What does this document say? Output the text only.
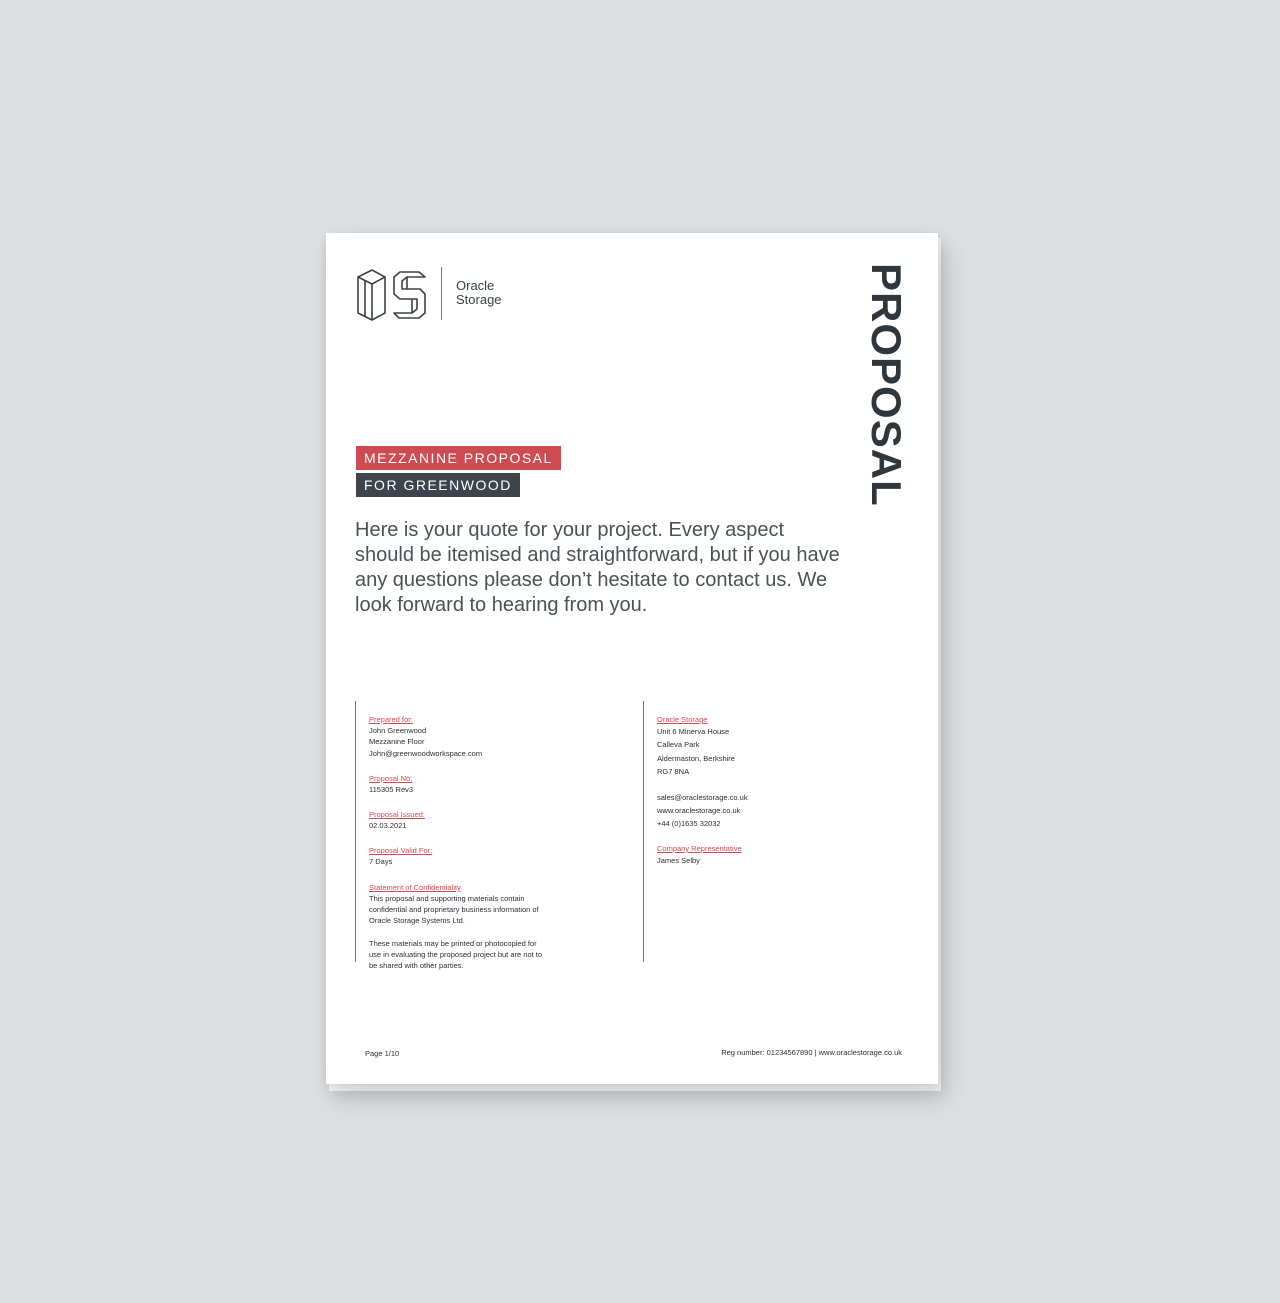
Oracle
Storage	PROPOSAL
MEZZANINE PROPOSAL
FOR GREENWOOD
Here is your quote for your project. Every aspect should be itemised and straightforward, but if you have any questions please don’t hesitate to contact us. We look forward to hearing from you.
Prepared for:
John Greenwood
Mezzanine Floor
John@greenwoodworkspace.com
Proposal No:
115305 Rev3
Proposal Issued:
02.03.2021
Proposal Valid For:
7 Days
Statement of Confidentiality
This proposal and supporting materials contain
confidential and proprietary business information of
Oracle Storage Systems Ltd.
These materials may be printed or photocopied for
use in evaluating the proposed project but are not to
be shared with other parties.
Oracle Storage
Unit 6 Minerva House
Calleva Park
Aldermaston, Berkshire
RG7 8NA
sales@oraclestorage.co.uk
www.oraclestorage.co.uk
+44 (0)1635 32032
Company Representative
James Selby
Page 1/10	Reg number: 01234567890 | www.oraclestorage.co.uk
